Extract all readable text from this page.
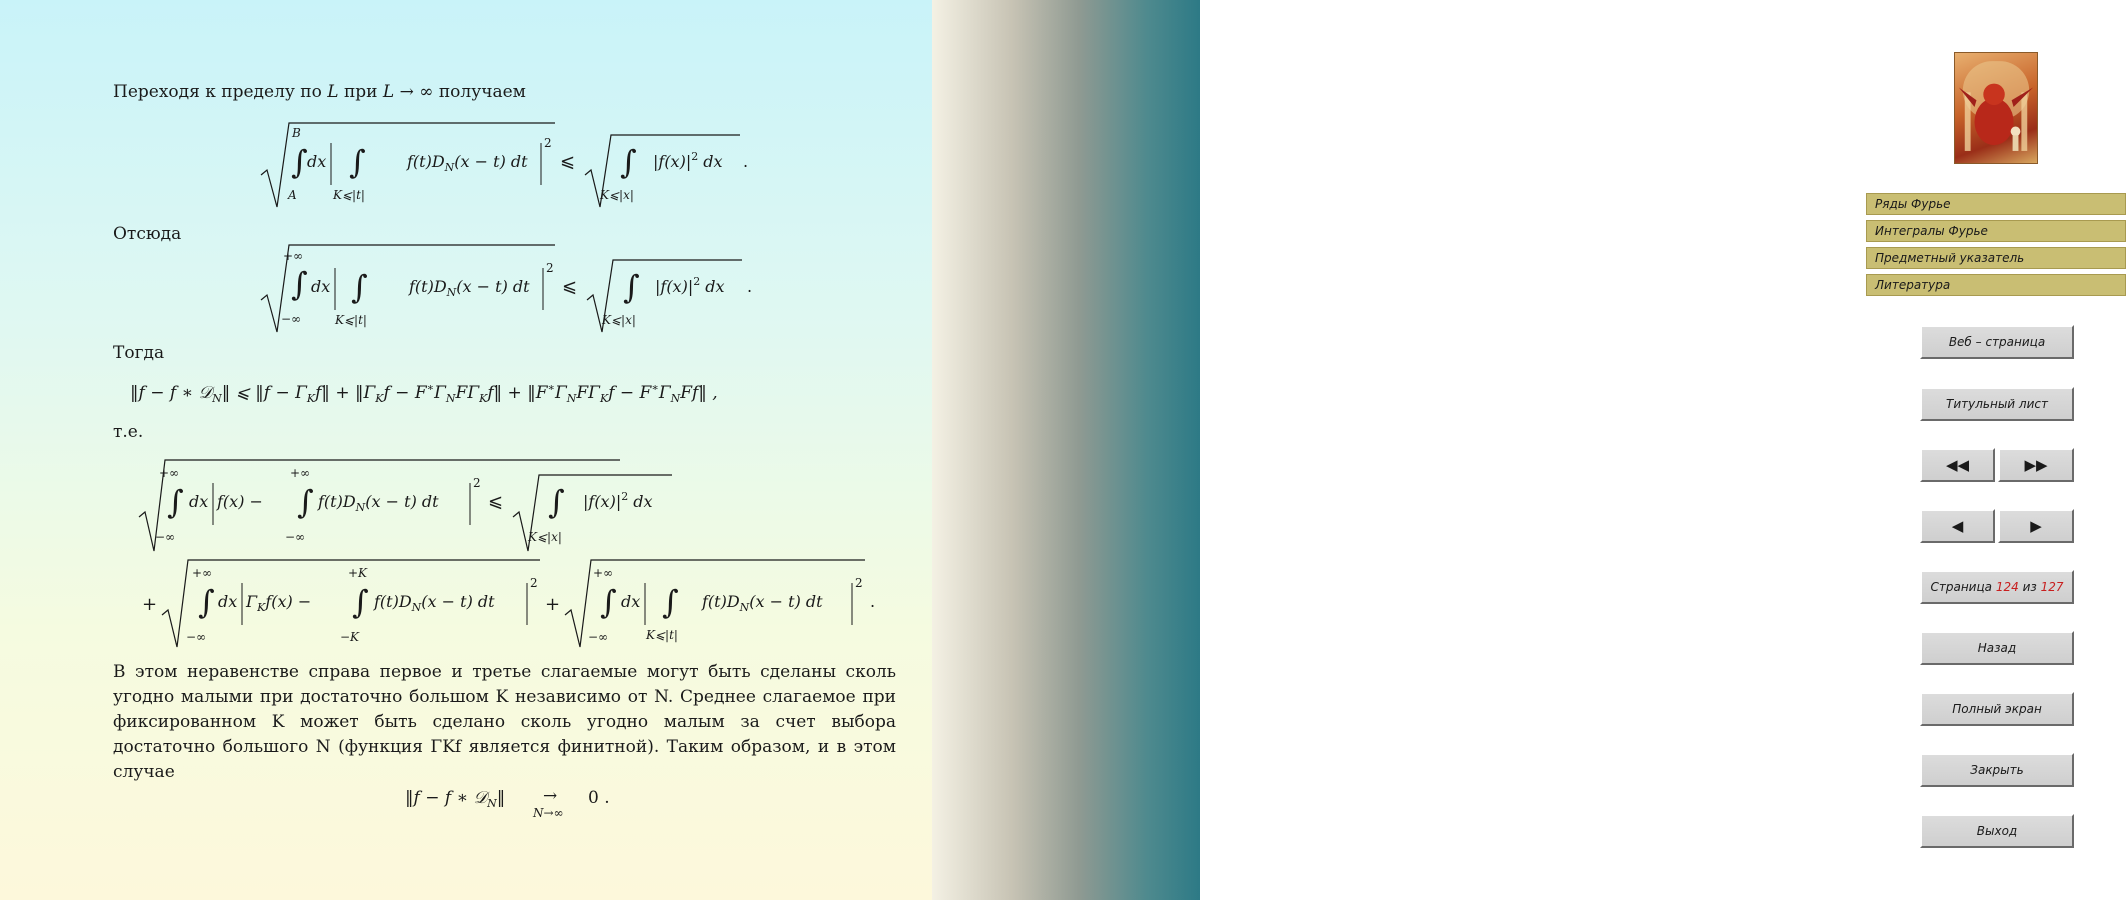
Переходя к пределу по L при L → ∞ получаем
B
∫
A
dx ∫
K⩽|t|
$f(t)D_N(x - t)$ dt
2
⩽ ∫
K⩽|x|
$|f(x)|^2$ dx .
Отсюда
+∞
∫
−∞
dx ∫
K⩽|t|
$f(t)D_N(x - t)$ dt
2
⩽ ∫
K⩽|x|
$|f(x)|^2$ dx .
Тогда
‖f − f ∗ 𝒟$_N$‖ ⩽ ‖f − $\Gamma_Kf‖$ + $‖\Gamma_Kf$ − $F^∗\Gamma_NF\Gamma_Kf‖$ + $‖F^∗\Gamma_NF\Gamma_Kf$ − $F^∗\Gamma_NFf‖$ ,
т.е.
+∞
∫
−∞
dx f(x) −
+∞
∫
−∞
$f(t)D_N(x - t)$ dt
2
⩽ ∫
K⩽|x|
$|f(x)|^2$ dx
+
+∞
∫
−∞
dx $\Gamma_Kf(x)$ −
+K
∫
−K
$f(t)D_N(x - t)$ dt
2
+
+∞
∫
−∞
dx ∫
K⩽|t|
$f(t)D_N(x - t)$ dt
2
.
В этом неравенстве справа первое и третье слагаемые могут быть сделаны сколь угодно малыми при достаточно большом K независимо от N. Среднее слагаемое при фиксированном K может быть сделано сколь угодно малым за счет выбора достаточно большого N (функция ΓKf является финитной). Таким образом, и в этом случае
‖f − f ∗ 𝒟$_N$‖ →
N→∞
0 .
Ряды Фурье
Интегралы Фурье
Предметный указатель
Литература
Веб – страница
Титульный лист
◀◀	▶▶
◀	▶
Страница 124 из 127
Назад
Полный экран
Закрыть
Выход
